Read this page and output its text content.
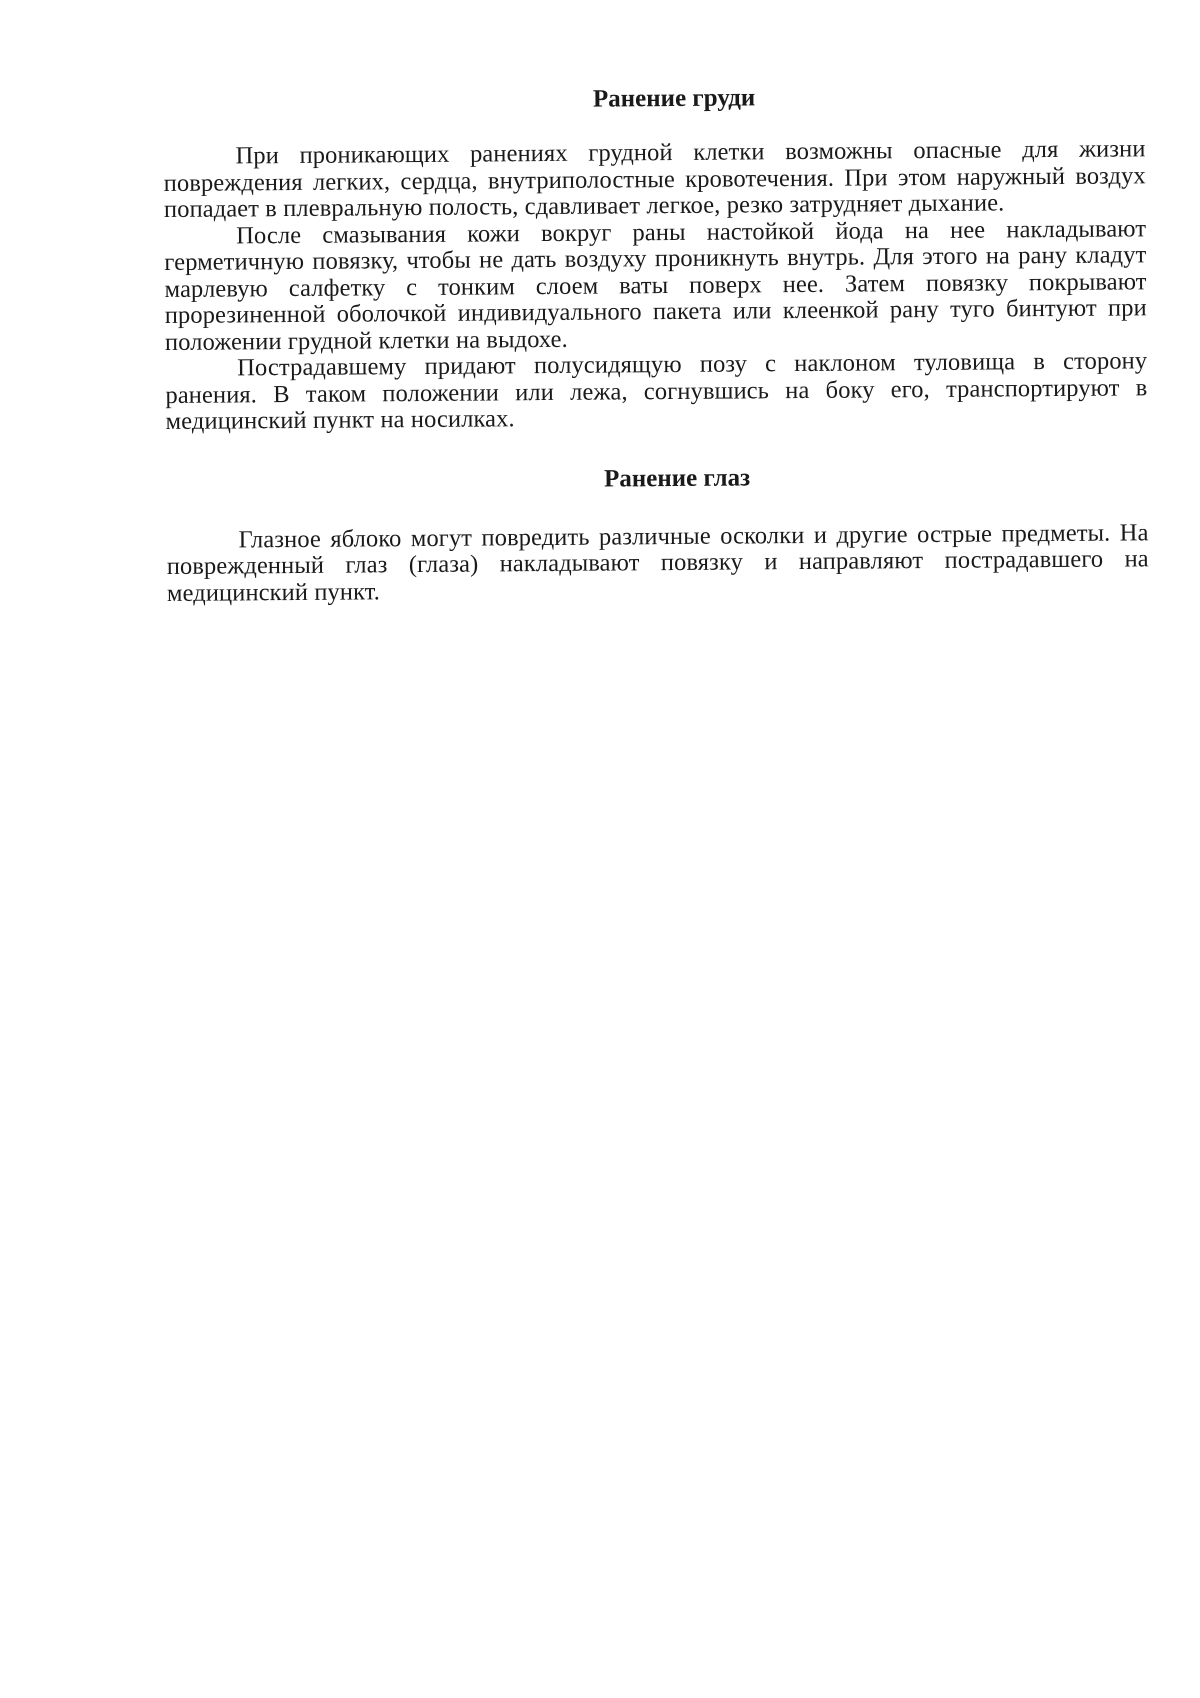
Ранение груди

При проникающих ранениях грудной клетки возможны опасные для жизни повреждения легких, сердца, внутриполостные кровотечения. При этом наружный воздух попадает в плевральную полость, сдавливает легкое, резко затрудняет дыхание.

После смазывания кожи вокруг раны настойкой йода на нее накладывают герметичную повязку, чтобы не дать воздуху проникнуть внутрь. Для этого на рану кладут марлевую салфетку с тонким слоем ваты поверх нее. Затем повязку покрывают прорезиненной оболочкой индивидуального пакета или клеенкой рану туго бинтуют при положении грудной клетки на выдохе.

Пострадавшему придают полусидящую позу с наклоном туловища в сторону ранения. В таком положении или лежа, согнувшись на боку его, транспортируют в медицинский пункт на носилках.

Ранение глаз

Глазное яблоко могут повредить различные осколки и другие острые предметы. На поврежденный глаз (глаза) накладывают повязку и направляют пострадавшего на медицинский пункт.
